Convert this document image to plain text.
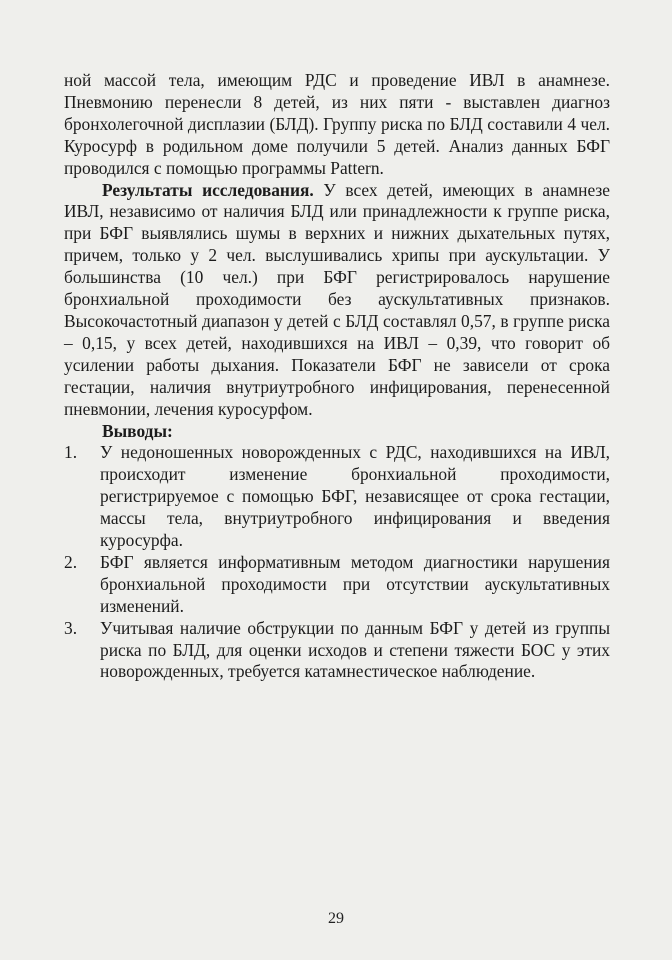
ной массой тела, имеющим РДС и проведение ИВЛ в анамнезе. Пневмонию перенесли 8 детей, из них пяти - выставлен диагноз бронхолегочной дисплазии (БЛД). Группу риска по БЛД составили 4 чел. Куросурф в родильном доме получили 5 детей. Анализ данных БФГ проводился с помощью программы Pattern.

Результаты исследования. У всех детей, имеющих в анамнезе ИВЛ, независимо от наличия БЛД или принадлежности к группе риска, при БФГ выявлялись шумы в верхних и нижних дыхательных путях, причем, только у 2 чел. выслушивались хрипы при аускультации. У большинства (10 чел.) при БФГ регистрировалось нарушение бронхиальной проходимости без аускультативных признаков. Высокочастотный диапазон у детей с БЛД составлял 0,57, в группе риска – 0,15, у всех детей, находившихся на ИВЛ – 0,39, что говорит об усилении работы дыхания. Показатели БФГ не зависели от срока гестации, наличия внутриутробного инфицирования, перенесенной пневмонии, лечения куросурфом.

Выводы:

1. У недоношенных новорожденных с РДС, находившихся на ИВЛ, происходит изменение бронхиальной проходимости, регистрируемое с помощью БФГ, независящее от срока гестации, массы тела, внутриутробного инфицирования и введения куросурфа.
2. БФГ является информативным методом диагностики нарушения бронхиальной проходимости при отсутствии аускультативных изменений.
3. Учитывая наличие обструкции по данным БФГ у детей из группы риска по БЛД, для оценки исходов и степени тяжести БОС у этих новорожденных, требуется катамнестическое наблюдение.
29
